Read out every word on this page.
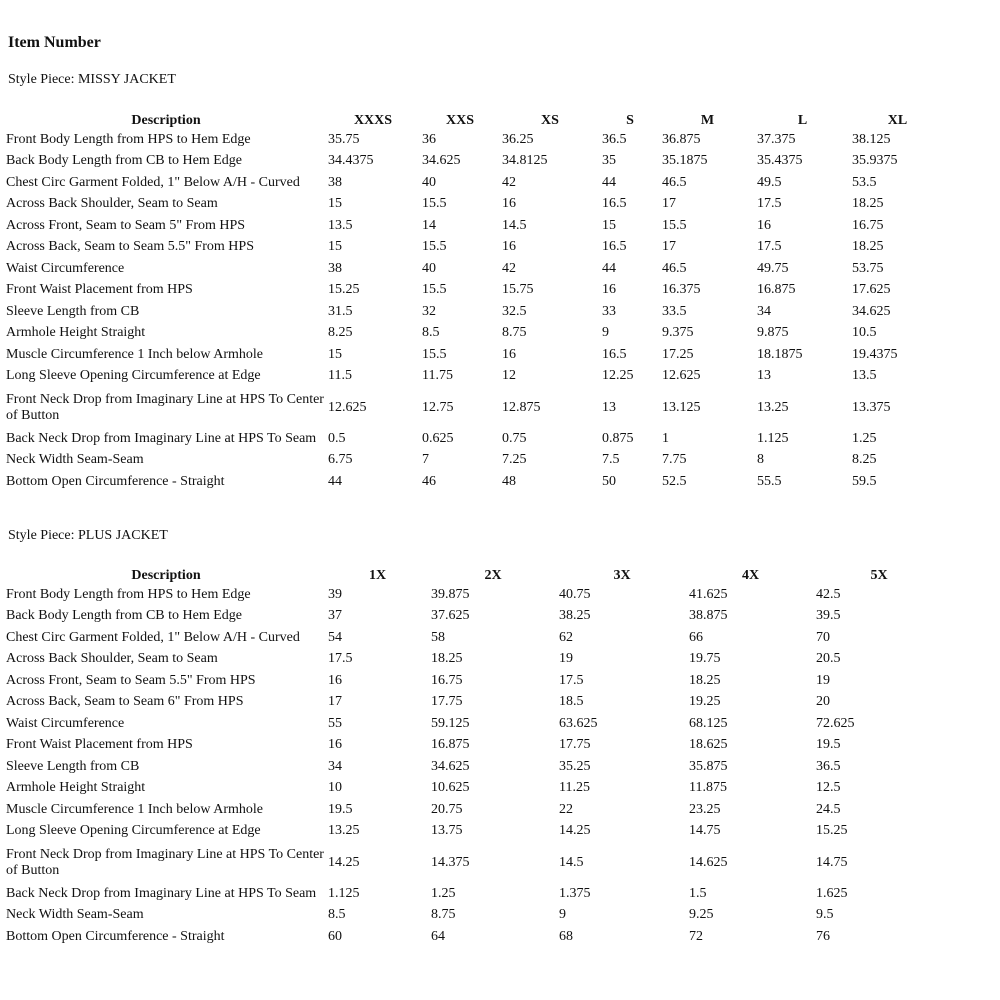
Item Number

Style Piece: MISSY JACKET

Description	XXXS	XXS	XS	S	M	L	XL
Front Body Length from HPS to Hem Edge	35.75	36	36.25	36.5	36.875	37.375	38.125
Back Body Length from CB to Hem Edge	34.4375	34.625	34.8125	35	35.1875	35.4375	35.9375
Chest Circ Garment Folded, 1" Below A/H - Curved	38	40	42	44	46.5	49.5	53.5
Across Back Shoulder, Seam to Seam	15	15.5	16	16.5	17	17.5	18.25
Across Front, Seam to Seam 5" From HPS	13.5	14	14.5	15	15.5	16	16.75
Across Back, Seam to Seam 5.5" From HPS	15	15.5	16	16.5	17	17.5	18.25
Waist Circumference	38	40	42	44	46.5	49.75	53.75
Front Waist Placement from HPS	15.25	15.5	15.75	16	16.375	16.875	17.625
Sleeve Length from CB	31.5	32	32.5	33	33.5	34	34.625
Armhole Height Straight	8.25	8.5	8.75	9	9.375	9.875	10.5
Muscle Circumference 1 Inch below Armhole	15	15.5	16	16.5	17.25	18.1875	19.4375
Long Sleeve Opening Circumference at Edge	11.5	11.75	12	12.25	12.625	13	13.5
Front Neck Drop from Imaginary Line at HPS To Center of Button	12.625	12.75	12.875	13	13.125	13.25	13.375
Back Neck Drop from Imaginary Line at HPS To Seam	0.5	0.625	0.75	0.875	1	1.125	1.25
Neck Width Seam-Seam	6.75	7	7.25	7.5	7.75	8	8.25
Bottom Open Circumference - Straight	44	46	48	50	52.5	55.5	59.5

Style Piece: PLUS JACKET

Description	1X	2X	3X	4X	5X
Front Body Length from HPS to Hem Edge	39	39.875	40.75	41.625	42.5
Back Body Length from CB to Hem Edge	37	37.625	38.25	38.875	39.5
Chest Circ Garment Folded, 1" Below A/H - Curved	54	58	62	66	70
Across Back Shoulder, Seam to Seam	17.5	18.25	19	19.75	20.5
Across Front, Seam to Seam 5.5" From HPS	16	16.75	17.5	18.25	19
Across Back, Seam to Seam 6" From HPS	17	17.75	18.5	19.25	20
Waist Circumference	55	59.125	63.625	68.125	72.625
Front Waist Placement from HPS	16	16.875	17.75	18.625	19.5
Sleeve Length from CB	34	34.625	35.25	35.875	36.5
Armhole Height Straight	10	10.625	11.25	11.875	12.5
Muscle Circumference 1 Inch below Armhole	19.5	20.75	22	23.25	24.5
Long Sleeve Opening Circumference at Edge	13.25	13.75	14.25	14.75	15.25
Front Neck Drop from Imaginary Line at HPS To Center of Button	14.25	14.375	14.5	14.625	14.75
Back Neck Drop from Imaginary Line at HPS To Seam	1.125	1.25	1.375	1.5	1.625
Neck Width Seam-Seam	8.5	8.75	9	9.25	9.5
Bottom Open Circumference - Straight	60	64	68	72	76
